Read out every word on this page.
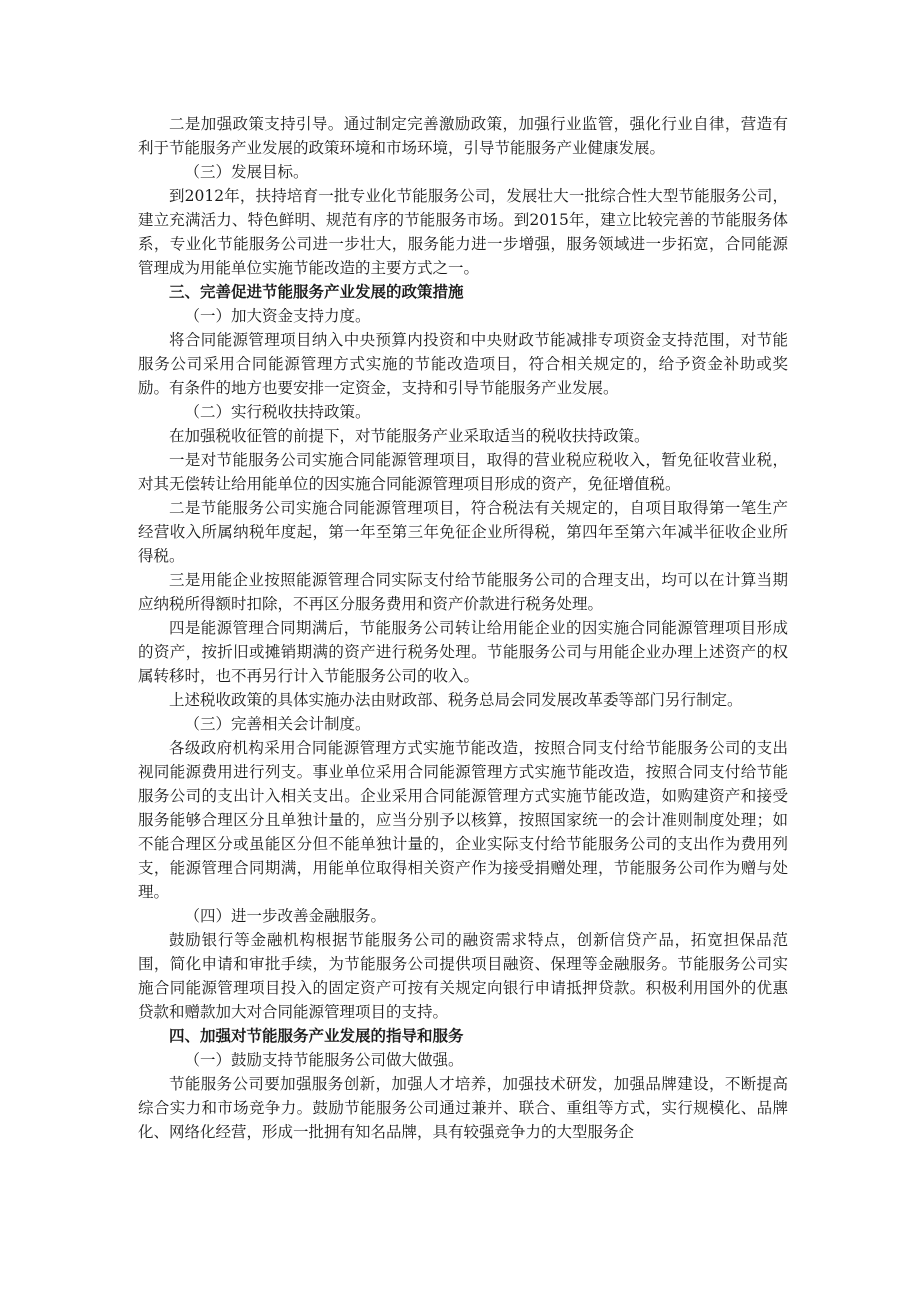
二是加强政策支持引导。通过制定完善激励政策，加强行业监管，强化行业自律，营造有利于节能服务产业发展的政策环境和市场环境，引导节能服务产业健康发展。

（三）发展目标。

到2012年，扶持培育一批专业化节能服务公司，发展壮大一批综合性大型节能服务公司，建立充满活力、特色鲜明、规范有序的节能服务市场。到2015年，建立比较完善的节能服务体系，专业化节能服务公司进一步壮大，服务能力进一步增强，服务领域进一步拓宽，合同能源管理成为用能单位实施节能改造的主要方式之一。

三、完善促进节能服务产业发展的政策措施

（一）加大资金支持力度。

将合同能源管理项目纳入中央预算内投资和中央财政节能减排专项资金支持范围，对节能服务公司采用合同能源管理方式实施的节能改造项目，符合相关规定的，给予资金补助或奖励。有条件的地方也要安排一定资金，支持和引导节能服务产业发展。

（二）实行税收扶持政策。

在加强税收征管的前提下，对节能服务产业采取适当的税收扶持政策。

一是对节能服务公司实施合同能源管理项目，取得的营业税应税收入，暂免征收营业税，对其无偿转让给用能单位的因实施合同能源管理项目形成的资产，免征增值税。

二是节能服务公司实施合同能源管理项目，符合税法有关规定的，自项目取得第一笔生产经营收入所属纳税年度起，第一年至第三年免征企业所得税，第四年至第六年减半征收企业所得税。

三是用能企业按照能源管理合同实际支付给节能服务公司的合理支出，均可以在计算当期应纳税所得额时扣除，不再区分服务费用和资产价款进行税务处理。

四是能源管理合同期满后，节能服务公司转让给用能企业的因实施合同能源管理项目形成的资产，按折旧或摊销期满的资产进行税务处理。节能服务公司与用能企业办理上述资产的权属转移时，也不再另行计入节能服务公司的收入。

上述税收政策的具体实施办法由财政部、税务总局会同发展改革委等部门另行制定。

（三）完善相关会计制度。

各级政府机构采用合同能源管理方式实施节能改造，按照合同支付给节能服务公司的支出视同能源费用进行列支。事业单位采用合同能源管理方式实施节能改造，按照合同支付给节能服务公司的支出计入相关支出。企业采用合同能源管理方式实施节能改造，如购建资产和接受服务能够合理区分且单独计量的，应当分别予以核算，按照国家统一的会计准则制度处理；如不能合理区分或虽能区分但不能单独计量的，企业实际支付给节能服务公司的支出作为费用列支，能源管理合同期满，用能单位取得相关资产作为接受捐赠处理，节能服务公司作为赠与处理。

（四）进一步改善金融服务。

鼓励银行等金融机构根据节能服务公司的融资需求特点，创新信贷产品，拓宽担保品范围，简化申请和审批手续，为节能服务公司提供项目融资、保理等金融服务。节能服务公司实施合同能源管理项目投入的固定资产可按有关规定向银行申请抵押贷款。积极利用国外的优惠贷款和赠款加大对合同能源管理项目的支持。

四、加强对节能服务产业发展的指导和服务

（一）鼓励支持节能服务公司做大做强。

节能服务公司要加强服务创新，加强人才培养，加强技术研发，加强品牌建设，不断提高综合实力和市场竞争力。鼓励节能服务公司通过兼并、联合、重组等方式，实行规模化、品牌化、网络化经营，形成一批拥有知名品牌，具有较强竞争力的大型服务企
